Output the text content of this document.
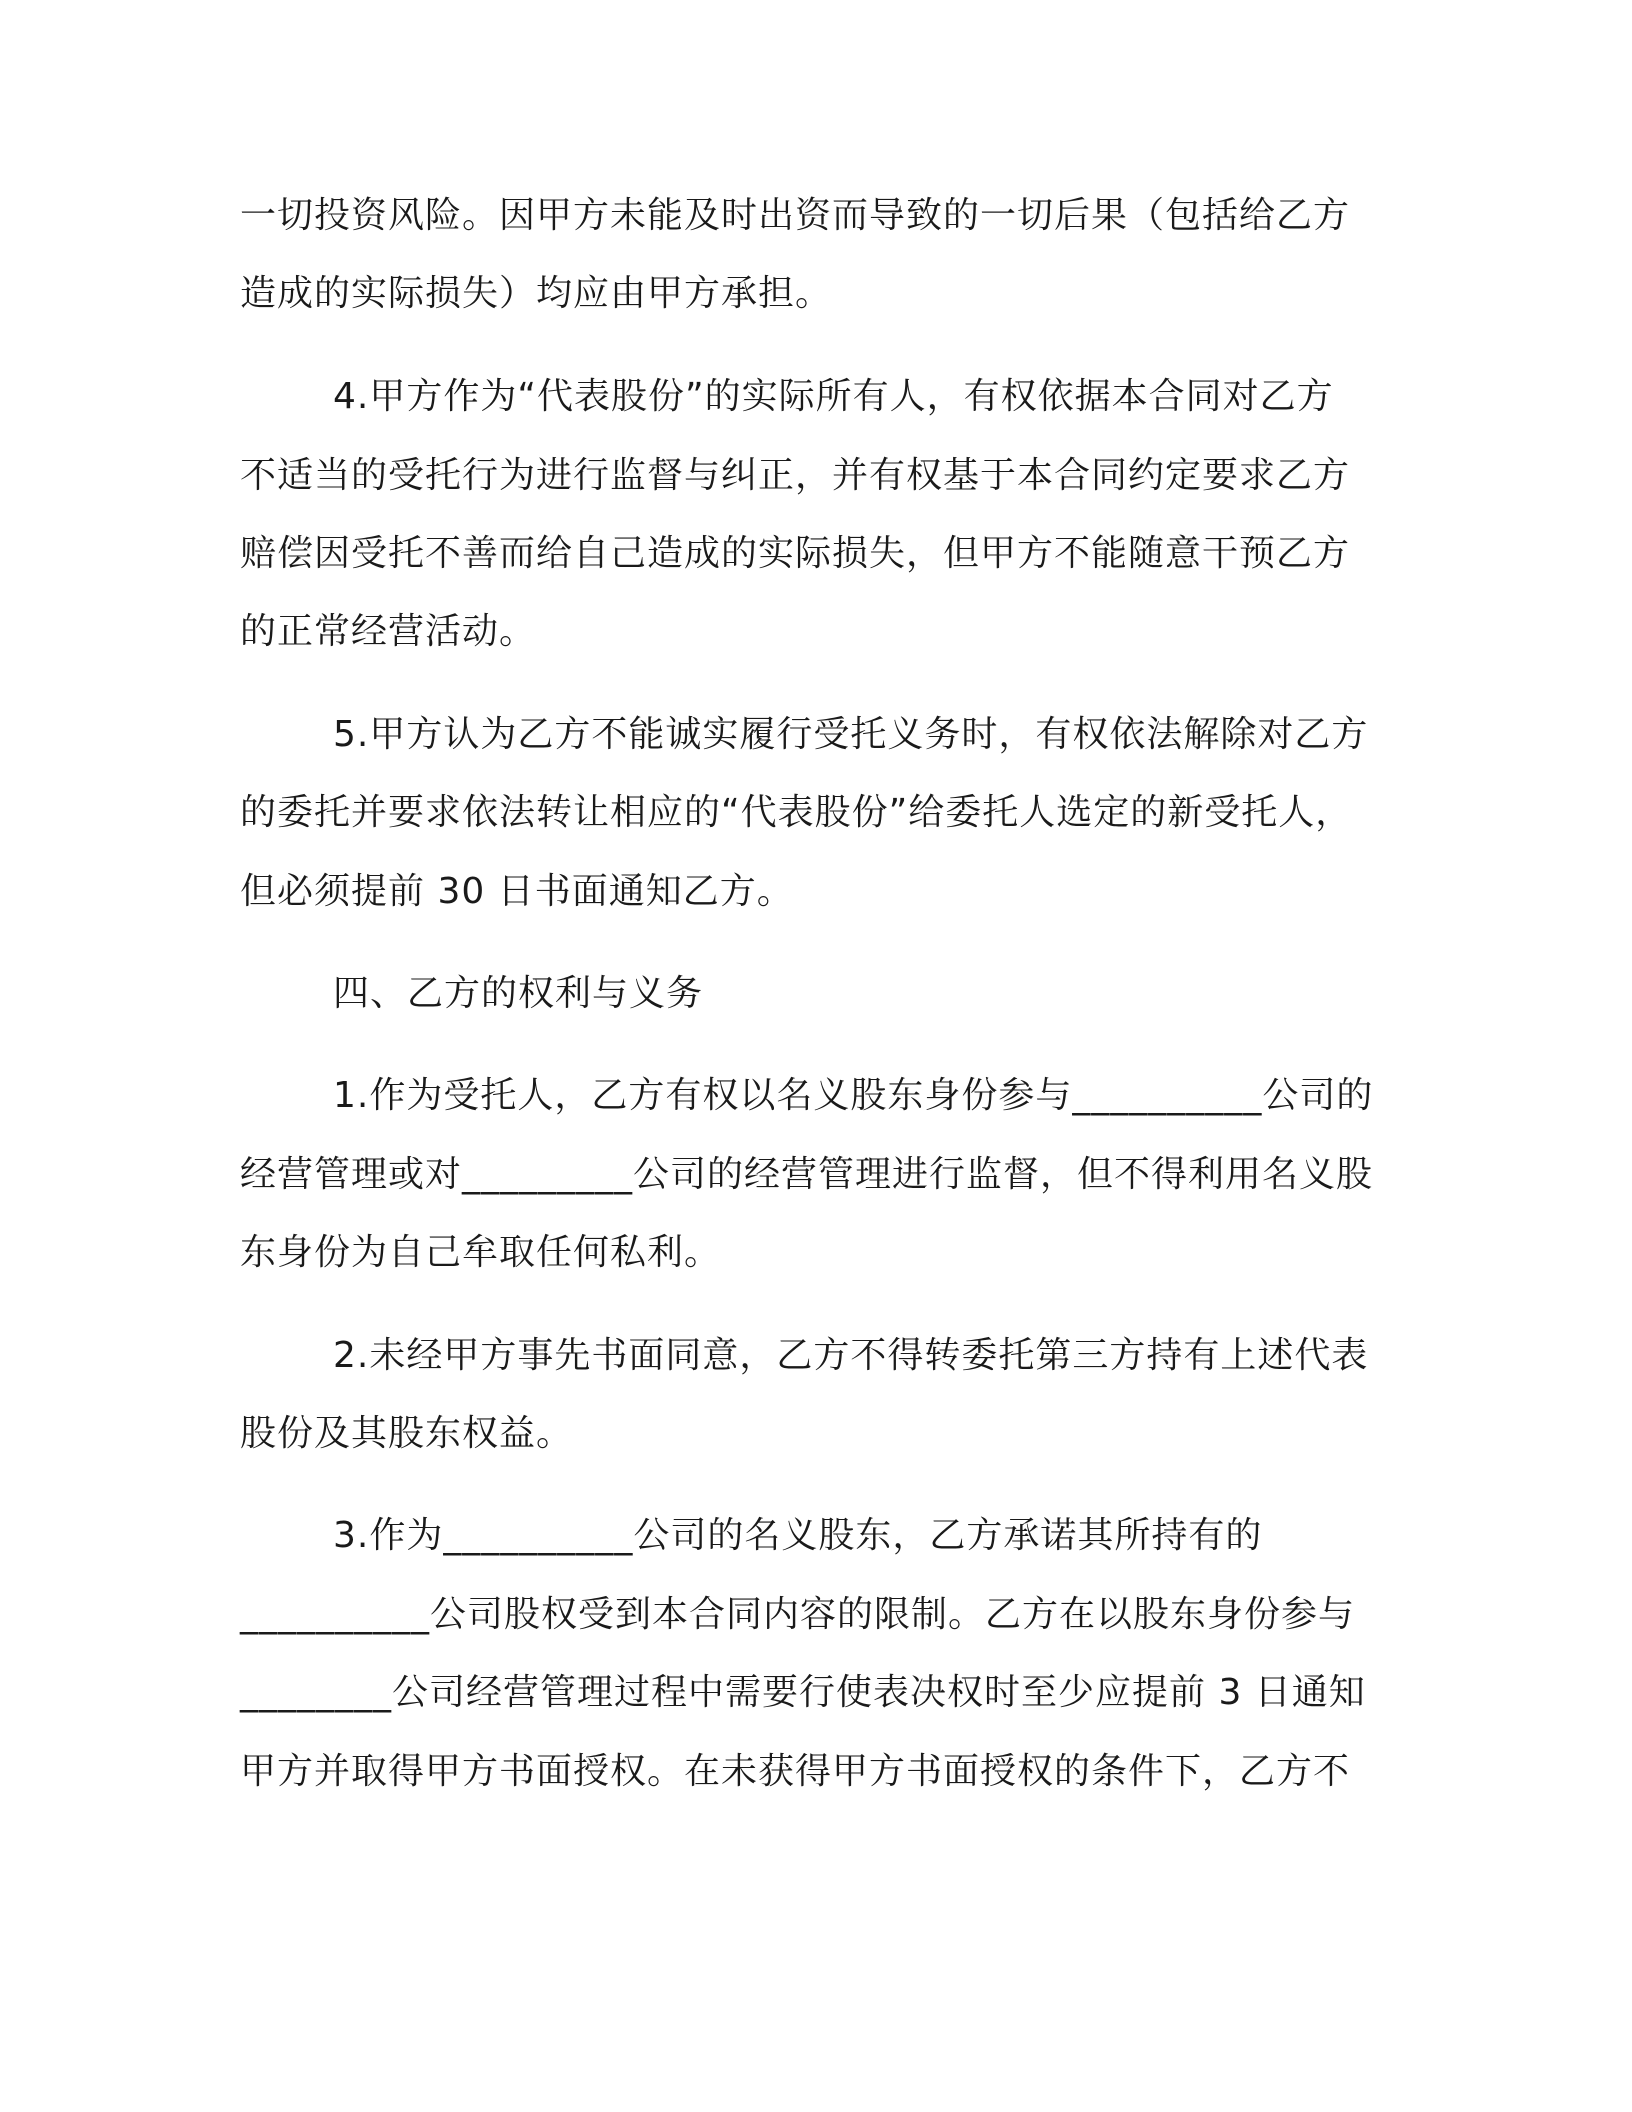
一切投资风险。因甲方未能及时出资而导致的一切后果（包括给乙方
造成的实际损失）均应由甲方承担。
4.甲方作为“代表股份”的实际所有人，有权依据本合同对乙方
不适当的受托行为进行监督与纠正，并有权基于本合同约定要求乙方
赔偿因受托不善而给自己造成的实际损失，但甲方不能随意干预乙方
的正常经营活动。
5.甲方认为乙方不能诚实履行受托义务时，有权依法解除对乙方
的委托并要求依法转让相应的“代表股份”给委托人选定的新受托人，
但必须提前 30 日书面通知乙方。
四、乙方的权利与义务
1.作为受托人，乙方有权以名义股东身份参与__________公司的
经营管理或对_________公司的经营管理进行监督，但不得利用名义股
东身份为自己牟取任何私利。
2.未经甲方事先书面同意，乙方不得转委托第三方持有上述代表
股份及其股东权益。
3.作为__________公司的名义股东，乙方承诺其所持有的
__________公司股权受到本合同内容的限制。乙方在以股东身份参与
________公司经营管理过程中需要行使表决权时至少应提前 3 日通知
甲方并取得甲方书面授权。在未获得甲方书面授权的条件下，乙方不
